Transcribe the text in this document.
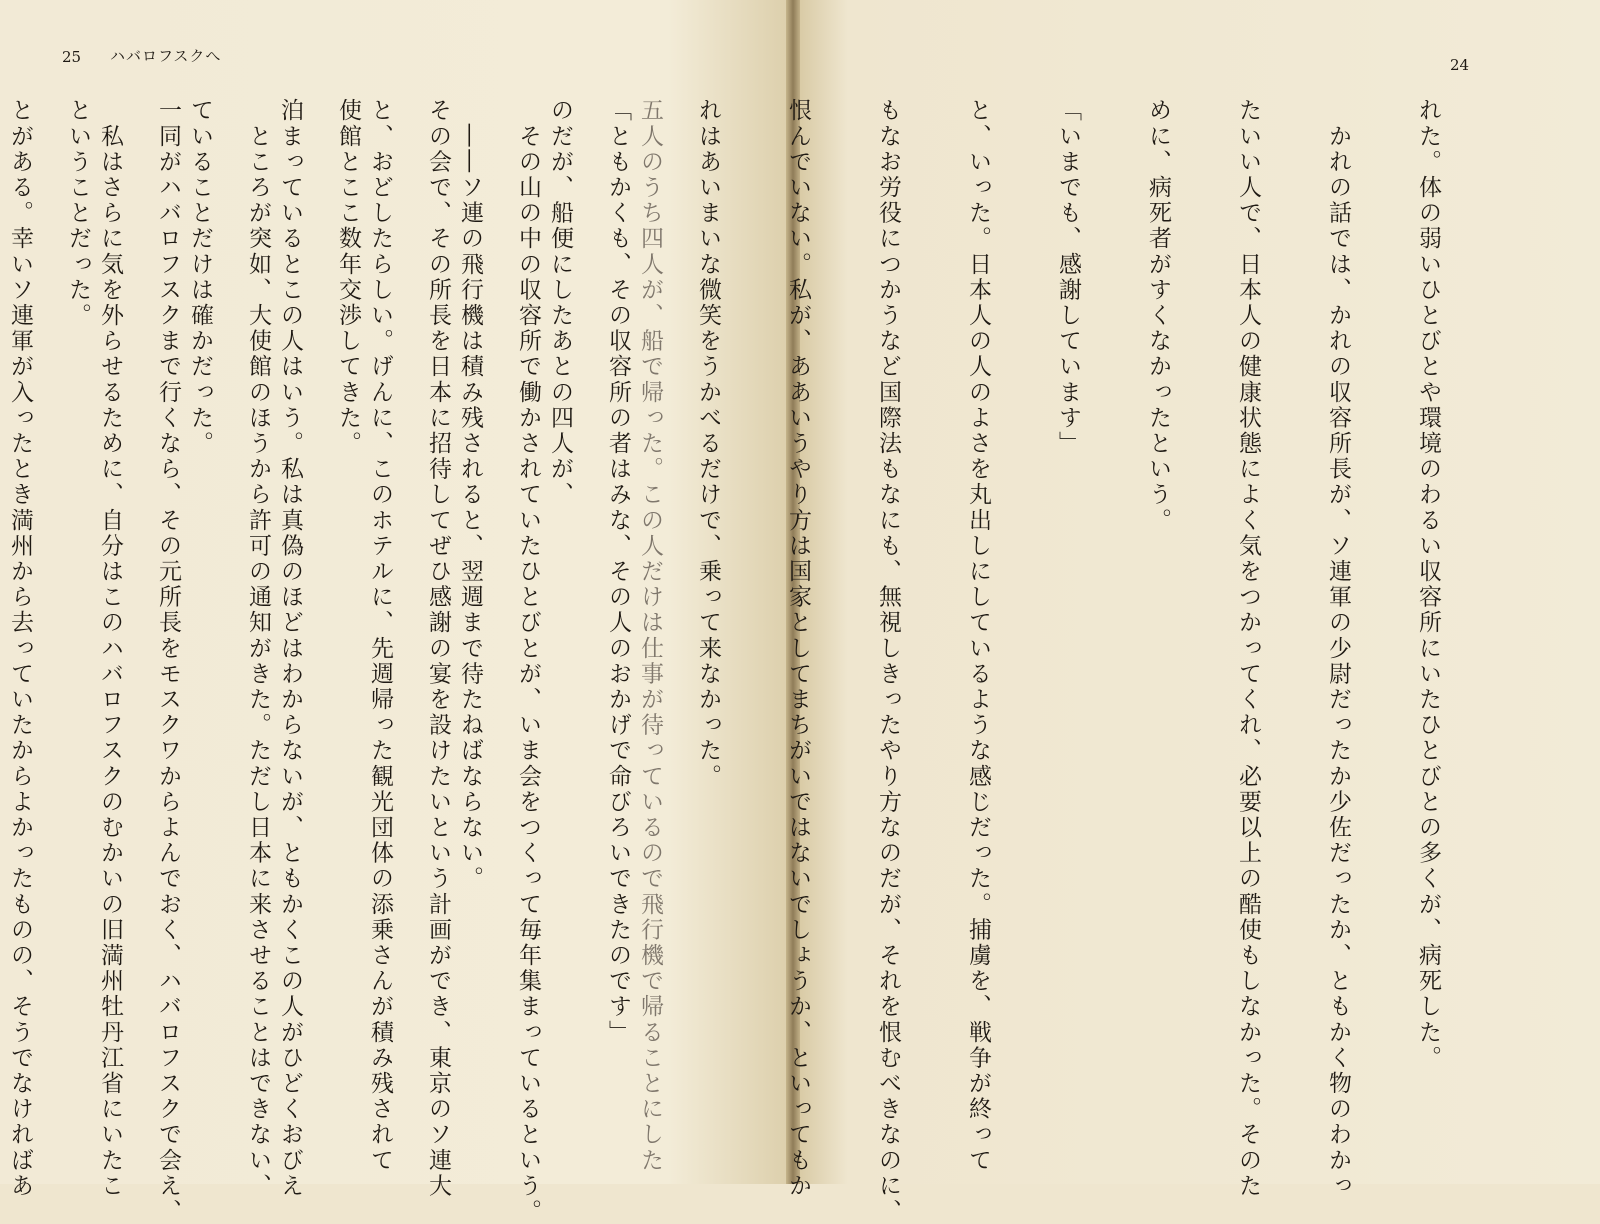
25 ハバロフスクへ

五人のうち四人が、船で帰った。この人だけは仕事が待っているので飛行機で帰ることにした

のだが、船便にしたあとの四人が、

　――ソ連の飛行機は積み残されると、翌週まで待たねばならない。

と、おどしたらしい。げんに、このホテルに、先週帰った観光団体の添乗さんが積み残されて

泊まっているとこの人はいう。私は真偽のほどはわからないが、ともかくこの人がひどくおびえ

ていることだけは確かだった。

　私はさらに気を外らせるために、自分はこのハバロフスクのむかいの旧満州牡丹江省にいたこ

とがある。幸いソ連軍が入ったとき満州から去っていたからよかったものの、そうでなければあ

24

れた。体の弱いひとびとや環境のわるい収容所にいたひとびとの多くが、病死した。

　かれの話では、かれの収容所長が、ソ連軍の少尉だったか少佐だったか、ともかく物のわかっ

たいい人で、日本人の健康状態によく気をつかってくれ、必要以上の酷使もしなかった。そのた

めに、病死者がすくなかったという。

「いまでも、感謝しています」

と、いった。日本人の人のよさを丸出しにしているような感じだった。捕虜を、戦争が終って

もなお労役につかうなど国際法もなにも、無視しきったやり方なのだが、それを恨むべきなのに、

恨んでいない。私が、ああいうやり方は国家としてまちがいではないでしょうか、といってもか

れはあいまいな微笑をうかべるだけで、乗って来なかった。

「ともかくも、その収容所の者はみな、その人のおかげで命びろいできたのです」

　その山の中の収容所で働かされていたひとびとが、いま会をつくって毎年集まっているという。

その会で、その所長を日本に招待してぜひ感謝の宴を設けたいという計画ができ、東京のソ連大

使館とここ数年交渉してきた。

　ところが突如、大使館のほうから許可の通知がきた。ただし日本に来させることはできない、

一同がハバロフスクまで行くなら、その元所長をモスクワからよんでおく、ハバロフスクで会え、

ということだった。
